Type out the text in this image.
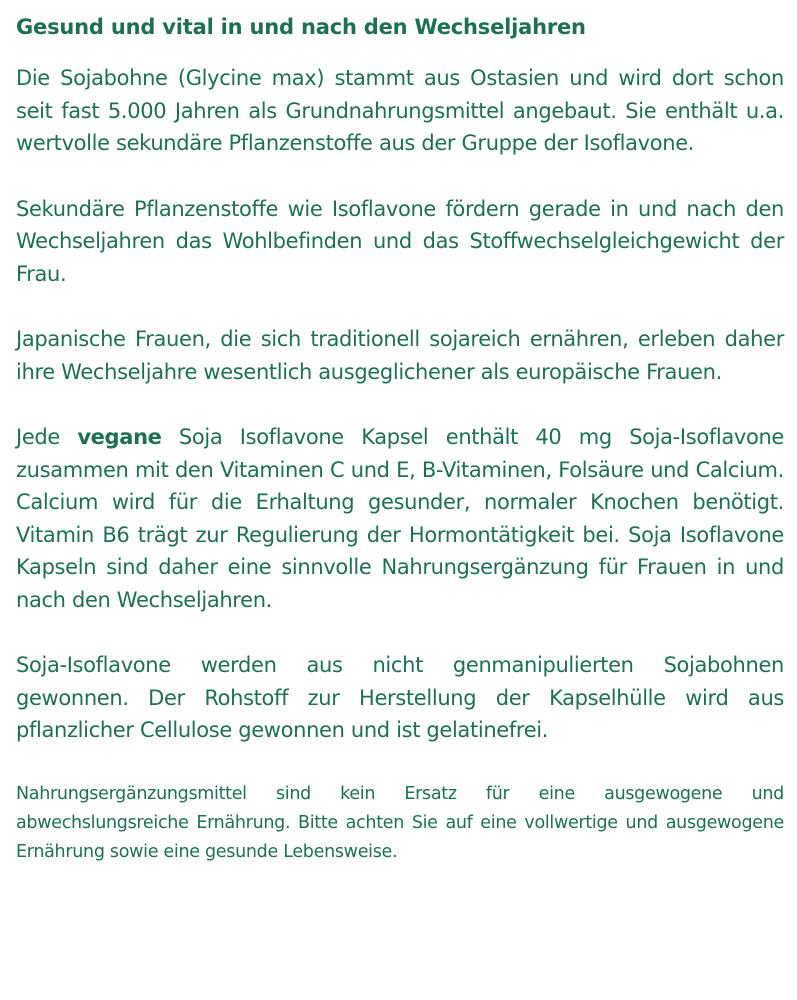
Gesund und vital in und nach den Wechseljahren

Die Sojabohne (Glycine max) stammt aus Ostasien und wird dort schon seit fast 5.000 Jahren als Grundnahrungsmittel angebaut. Sie enthält u.a. wertvolle sekundäre Pflanzenstoffe aus der Gruppe der Isoflavone.

Sekundäre Pflanzenstoffe wie Isoflavone fördern gerade in und nach den Wechseljahren das Wohlbefinden und das Stoffwechselgleichgewicht der Frau.

Japanische Frauen, die sich traditionell sojareich ernähren, erleben daher ihre Wechseljahre wesentlich ausgeglichener als europäische Frauen.

Jede vegane Soja Isoflavone Kapsel enthält 40 mg Soja-Isoflavone zusammen mit den Vitaminen C und E, B-Vitaminen, Folsäure und Calcium. Calcium wird für die Erhaltung gesunder, normaler Knochen benötigt. Vitamin B6 trägt zur Regulierung der Hormontätigkeit bei. Soja Isoflavone Kapseln sind daher eine sinnvolle Nahrungsergänzung für Frauen in und nach den Wechseljahren.

Soja-Isoflavone werden aus nicht genmanipulierten Sojabohnen gewonnen. Der Rohstoff zur Herstellung der Kapselhülle wird aus pflanzlicher Cellulose gewonnen und ist gelatinefrei.

Nahrungsergänzungsmittel sind kein Ersatz für eine ausgewogene und abwechslungsreiche Ernährung. Bitte achten Sie auf eine vollwertige und ausgewogene Ernährung sowie eine gesunde Lebensweise.
